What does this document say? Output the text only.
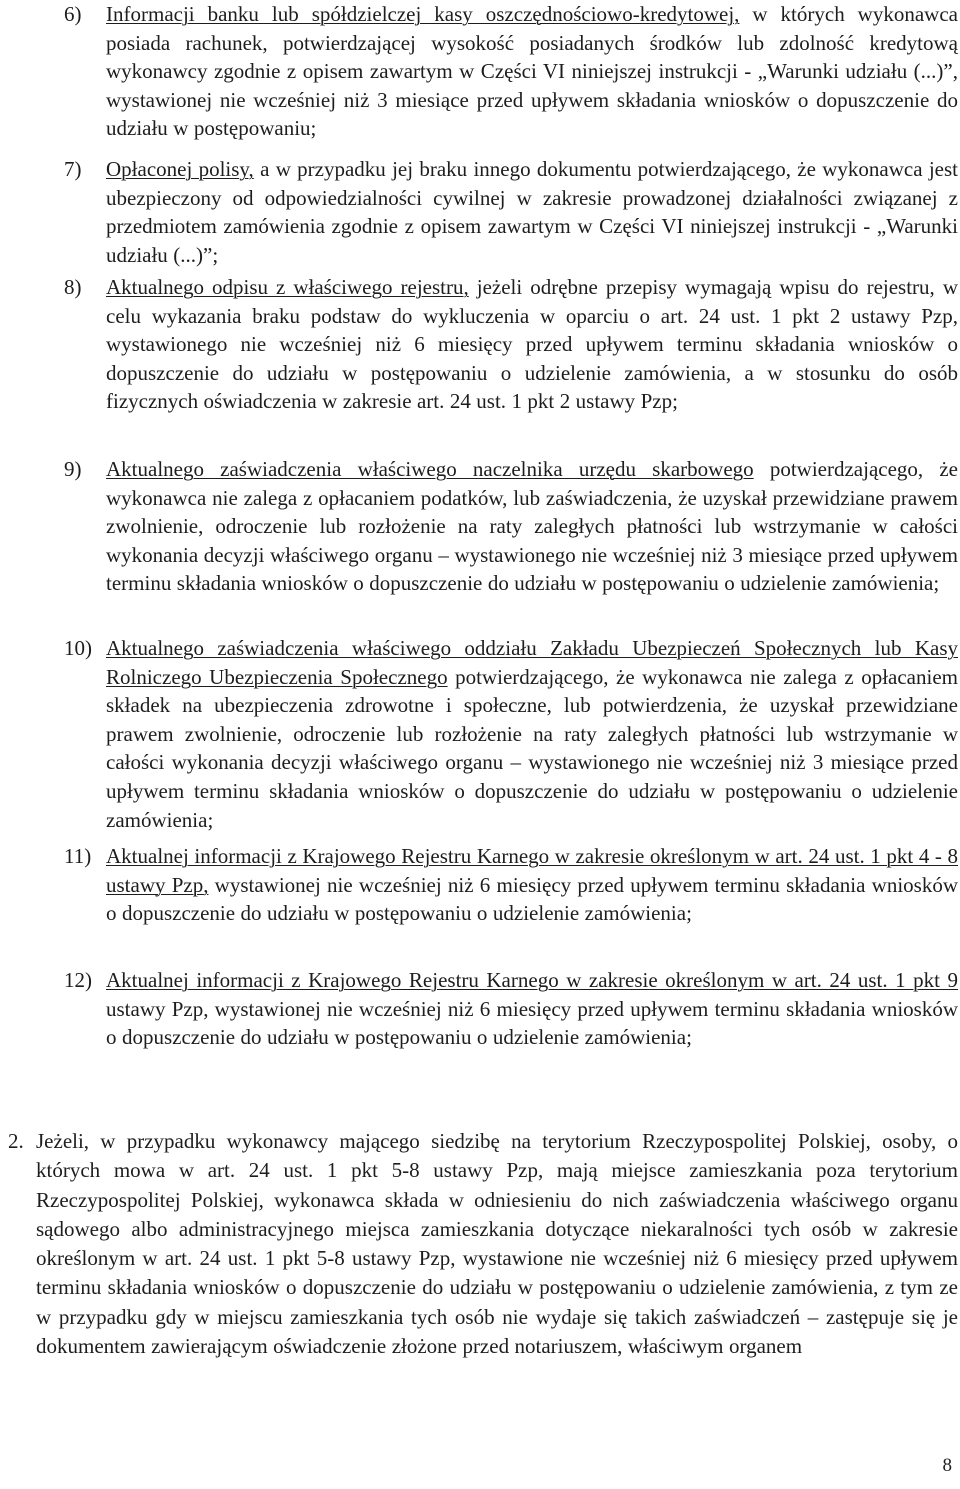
6) Informacji banku lub spółdzielczej kasy oszczędnościowo-kredytowej, w których wykonawca posiada rachunek, potwierdzającej wysokość posiadanych środków lub zdolność kredytową wykonawcy zgodnie z opisem zawartym w Części VI niniejszej instrukcji - „Warunki udziału (...)”, wystawionej nie wcześniej niż 3 miesiące przed upływem składania wniosków o dopuszczenie do udziału w postępowaniu;
7) Opłaconej polisy, a w przypadku jej braku innego dokumentu potwierdzającego, że wykonawca jest ubezpieczony od odpowiedzialności cywilnej w zakresie prowadzonej działalności związanej z przedmiotem zamówienia zgodnie z opisem zawartym w Części VI niniejszej instrukcji - „Warunki udziału (...)”;
8) Aktualnego odpisu z właściwego rejestru, jeżeli odrębne przepisy wymagają wpisu do rejestru, w celu wykazania braku podstaw do wykluczenia w oparciu o art. 24 ust. 1 pkt 2 ustawy Pzp, wystawionego nie wcześniej niż 6 miesięcy przed upływem terminu składania wniosków o dopuszczenie do udziału w postępowaniu o udzielenie zamówienia, a w stosunku do osób fizycznych oświadczenia w zakresie art. 24 ust. 1 pkt 2 ustawy Pzp;
9) Aktualnego zaświadczenia właściwego naczelnika urzędu skarbowego potwierdzającego, że wykonawca nie zalega z opłacaniem podatków, lub zaświadczenia, że uzyskał przewidziane prawem zwolnienie, odroczenie lub rozłożenie na raty zaległych płatności lub wstrzymanie w całości wykonania decyzji właściwego organu – wystawionego nie wcześniej niż 3 miesiące przed upływem terminu składania wniosków o dopuszczenie do udziału w postępowaniu o udzielenie zamówienia;
10) Aktualnego zaświadczenia właściwego oddziału Zakładu Ubezpieczeń Społecznych lub Kasy Rolniczego Ubezpieczenia Społecznego potwierdzającego, że wykonawca nie zalega z opłacaniem składek na ubezpieczenia zdrowotne i społeczne, lub potwierdzenia, że uzyskał przewidziane prawem zwolnienie, odroczenie lub rozłożenie na raty zaległych płatności lub wstrzymanie w całości wykonania decyzji właściwego organu – wystawionego nie wcześniej niż 3 miesiące przed upływem terminu składania wniosków o dopuszczenie do udziału w postępowaniu o udzielenie zamówienia;
11) Aktualnej informacji z Krajowego Rejestru Karnego w zakresie określonym w art. 24 ust. 1 pkt 4 - 8 ustawy Pzp, wystawionej nie wcześniej niż 6 miesięcy przed upływem terminu składania wniosków o dopuszczenie do udziału w postępowaniu o udzielenie zamówienia;
12) Aktualnej informacji z Krajowego Rejestru Karnego w zakresie określonym w art. 24 ust. 1 pkt 9 ustawy Pzp, wystawionej nie wcześniej niż 6 miesięcy przed upływem terminu składania wniosków o dopuszczenie do udziału w postępowaniu o udzielenie zamówienia;
2. Jeżeli, w przypadku wykonawcy mającego siedzibę na terytorium Rzeczypospolitej Polskiej, osoby, o których mowa w art. 24 ust. 1 pkt 5-8 ustawy Pzp, mają miejsce zamieszkania poza terytorium Rzeczypospolitej Polskiej, wykonawca składa w odniesieniu do nich zaświadczenia właściwego organu sądowego albo administracyjnego miejsca zamieszkania dotyczące niekaralności tych osób w zakresie określonym w art. 24 ust. 1 pkt 5-8 ustawy Pzp, wystawione nie wcześniej niż 6 miesięcy przed upływem terminu składania wniosków o dopuszczenie do udziału w postępowaniu o udzielenie zamówienia, z tym ze w przypadku gdy w miejscu zamieszkania tych osób nie wydaje się takich zaświadczeń – zastępuje się je dokumentem zawierającym oświadczenie złożone przed notariuszem, właściwym organem
8
